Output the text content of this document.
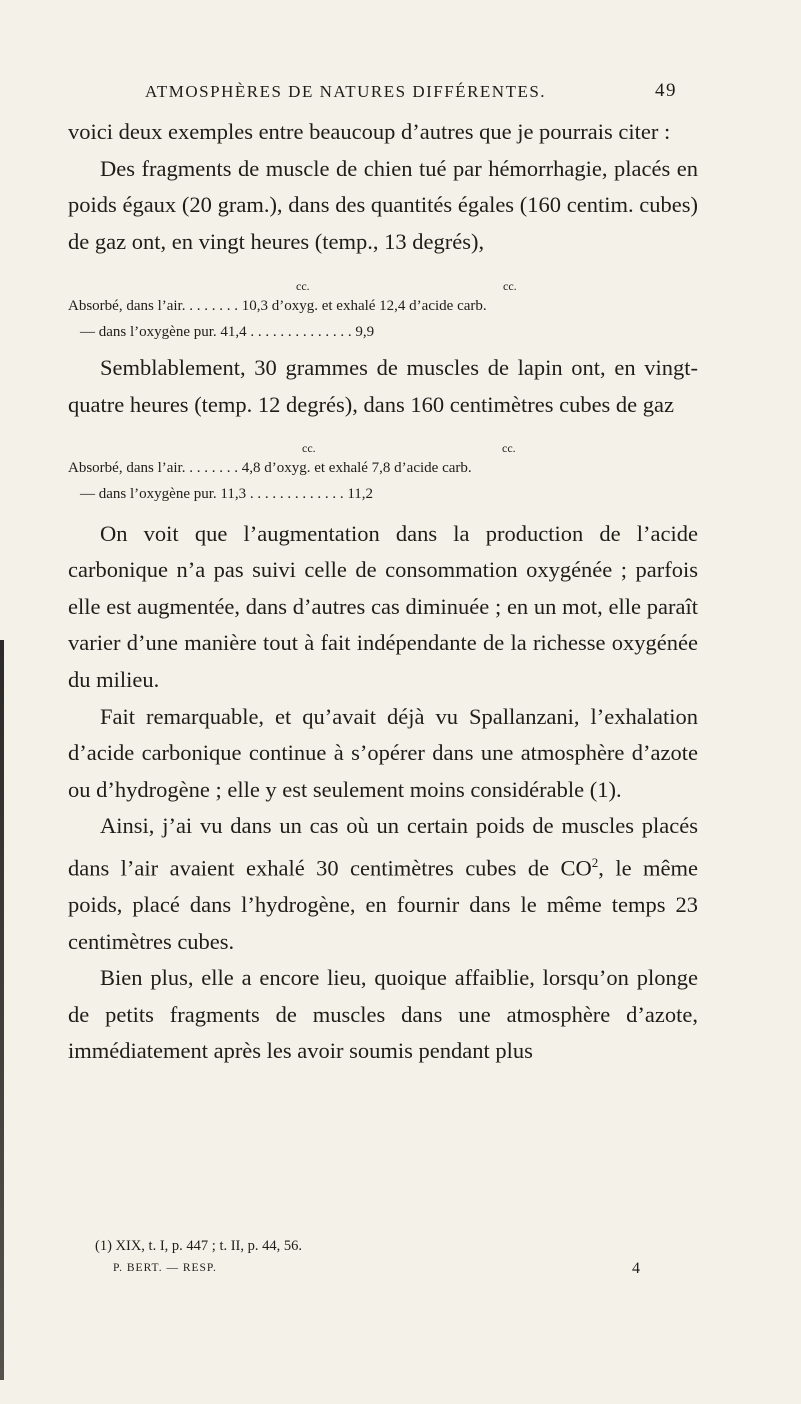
ATMOSPHÈRES DE NATURES DIFFÉRENTES.	49

voici deux exemples entre beaucoup d’autres que je pourrais citer :

Des fragments de muscle de chien tué par hémorrhagie, placés en poids égaux (20 gram.), dans des quantités égales (160 centim. cubes) de gaz ont, en vingt heures (temp., 13 degrés),

cc.	cc.
Absorbé, dans l’air. . . . . . . . 10,3 d’oxyg. et exhalé 12,4 d’acide carb.
— dans l’oxygène pur. 41,4 . . . . . . . . . . . . . . 9,9

Semblablement, 30 grammes de muscles de lapin ont, en vingt-quatre heures (temp. 12 degrés), dans 160 centimètres cubes de gaz

cc.	cc.
Absorbé, dans l’air. . . . . . . . 4,8 d’oxyg. et exhalé 7,8 d’acide carb.
— dans l’oxygène pur. 11,3 . . . . . . . . . . . . . 11,2

On voit que l’augmentation dans la production de l’acide carbonique n’a pas suivi celle de consommation oxygénée ; parfois elle est augmentée, dans d’autres cas diminuée ; en un mot, elle paraît varier d’une manière tout à fait indépendante de la richesse oxygénée du milieu.

Fait remarquable, et qu’avait déjà vu Spallanzani, l’exhalation d’acide carbonique continue à s’opérer dans une atmosphère d’azote ou d’hydrogène ; elle y est seulement moins considérable (1).

Ainsi, j’ai vu dans un cas où un certain poids de muscles placés dans l’air avaient exhalé 30 centimètres cubes de $CO^2$, le même poids, placé dans l’hydrogène, en fournir dans le même temps 23 centimètres cubes.

Bien plus, elle a encore lieu, quoique affaiblie, lorsqu’on plonge de petits fragments de muscles dans une atmosphère d’azote, immédiatement après les avoir soumis pendant plus

(1) XIX, t. I, p. 447 ; t. II, p. 44, 56.
P. BERT. — RESP.	4
